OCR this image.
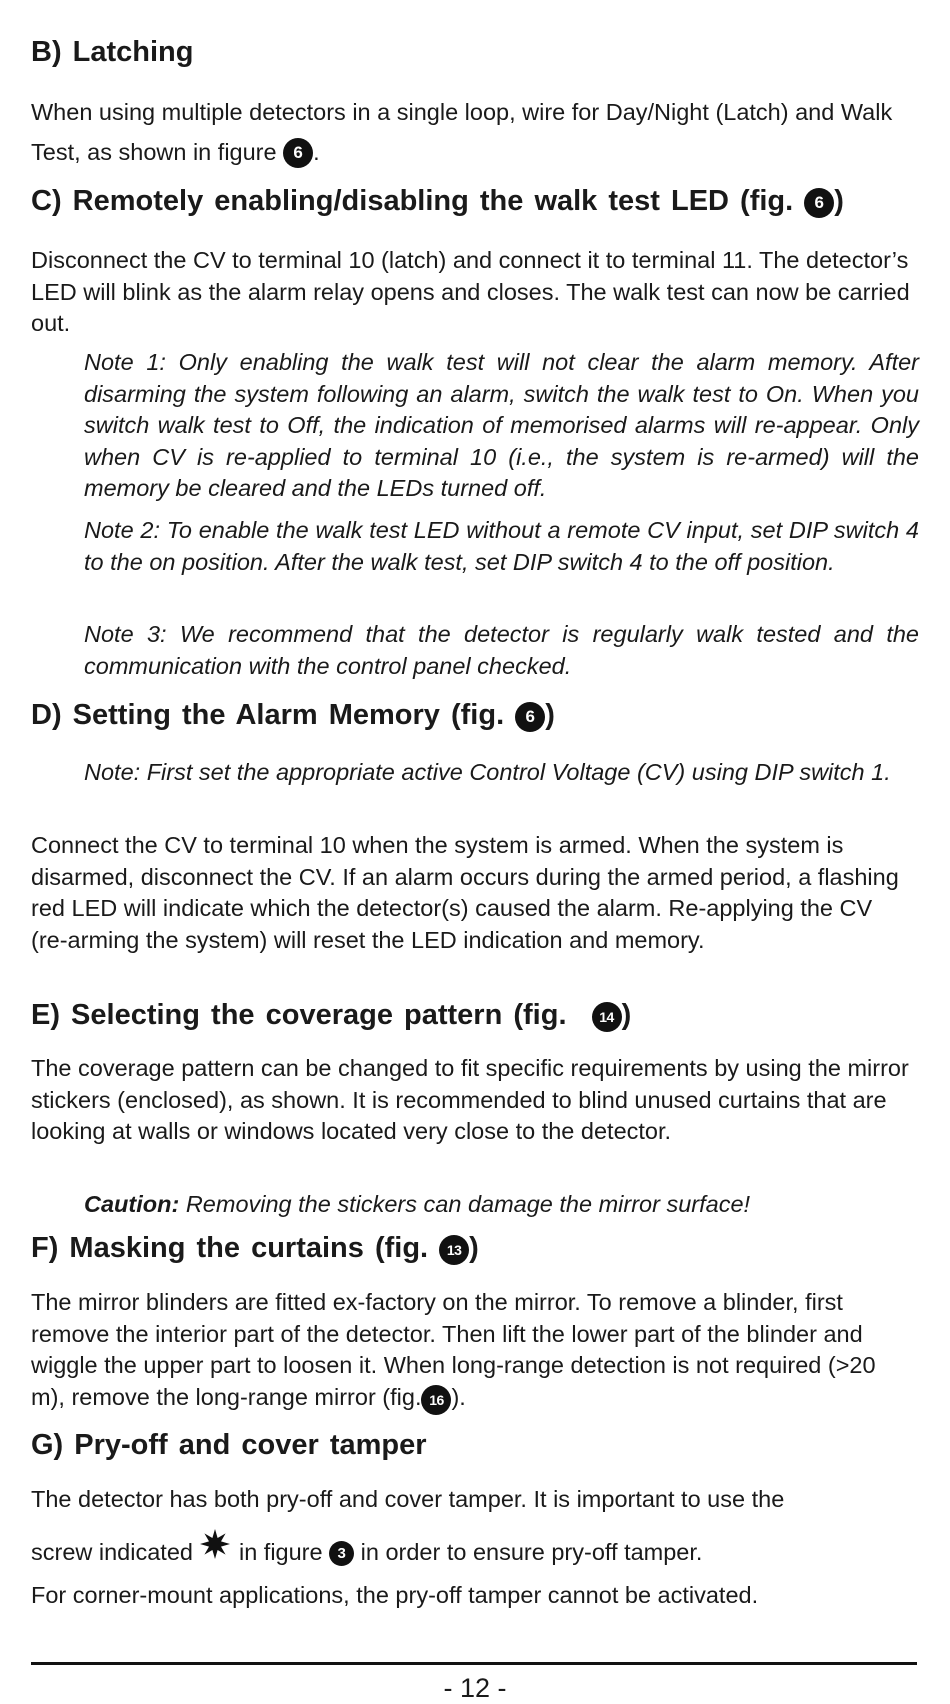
B) Latching
When using multiple detectors in a single loop, wire for Day/Night (Latch) and Walk Test, as shown in figure 6 .
C) Remotely enabling/disabling the walk test LED (fig. 6 )
Disconnect the CV to terminal 10 (latch) and connect it to terminal 11. The detector’s LED will blink as the alarm relay opens and closes. The walk test can now be carried out.
Note 1: Only enabling the walk test will not clear the alarm memory. After disarming the system following an alarm, switch the walk test to On. When you switch walk test to Off, the indication of memorised alarms will re-appear. Only when CV is re-applied to terminal 10 (i.e., the system is re-armed) will the memory be cleared and the LEDs turned off.
Note 2: To enable the walk test LED without a remote CV input, set DIP switch 4 to the on position. After the walk test, set DIP switch 4 to the off position.
Note 3: We recommend that the detector is regularly walk tested and the communication with the control panel checked.
D) Setting the Alarm Memory (fig. 6 )
Note: First set the appropriate active Control Voltage (CV) using DIP switch 1.
Connect the CV to terminal 10 when the system is armed. When the system is disarmed, disconnect the CV. If an alarm occurs during the armed period, a flashing red LED will indicate which the detector(s) caused the alarm. Re-applying the CV (re-arming the system) will reset the LED indication and memory.
E) Selecting the coverage pattern (fig. 14 )
The coverage pattern can be changed to fit specific requirements by using the mirror stickers (enclosed), as shown. It is recommended to blind unused curtains that are looking at walls or windows located very close to the detector.
Caution: Removing the stickers can damage the mirror surface!
F) Masking the curtains (fig. 13 )
The mirror blinders are fitted ex-factory on the mirror. To remove a blinder, first remove the interior part of the detector. Then lift the lower part of the blinder and wiggle the upper part to loosen it. When long-range detection is not required (>20 m), remove the long-range mirror (fig. 16 ).
G) Pry-off and cover tamper
The detector has both pry-off and cover tamper. It is important to use the
screw indicated in figure 3 in order to ensure pry-off tamper.
For corner-mount applications, the pry-off tamper cannot be activated.
- 12 -
